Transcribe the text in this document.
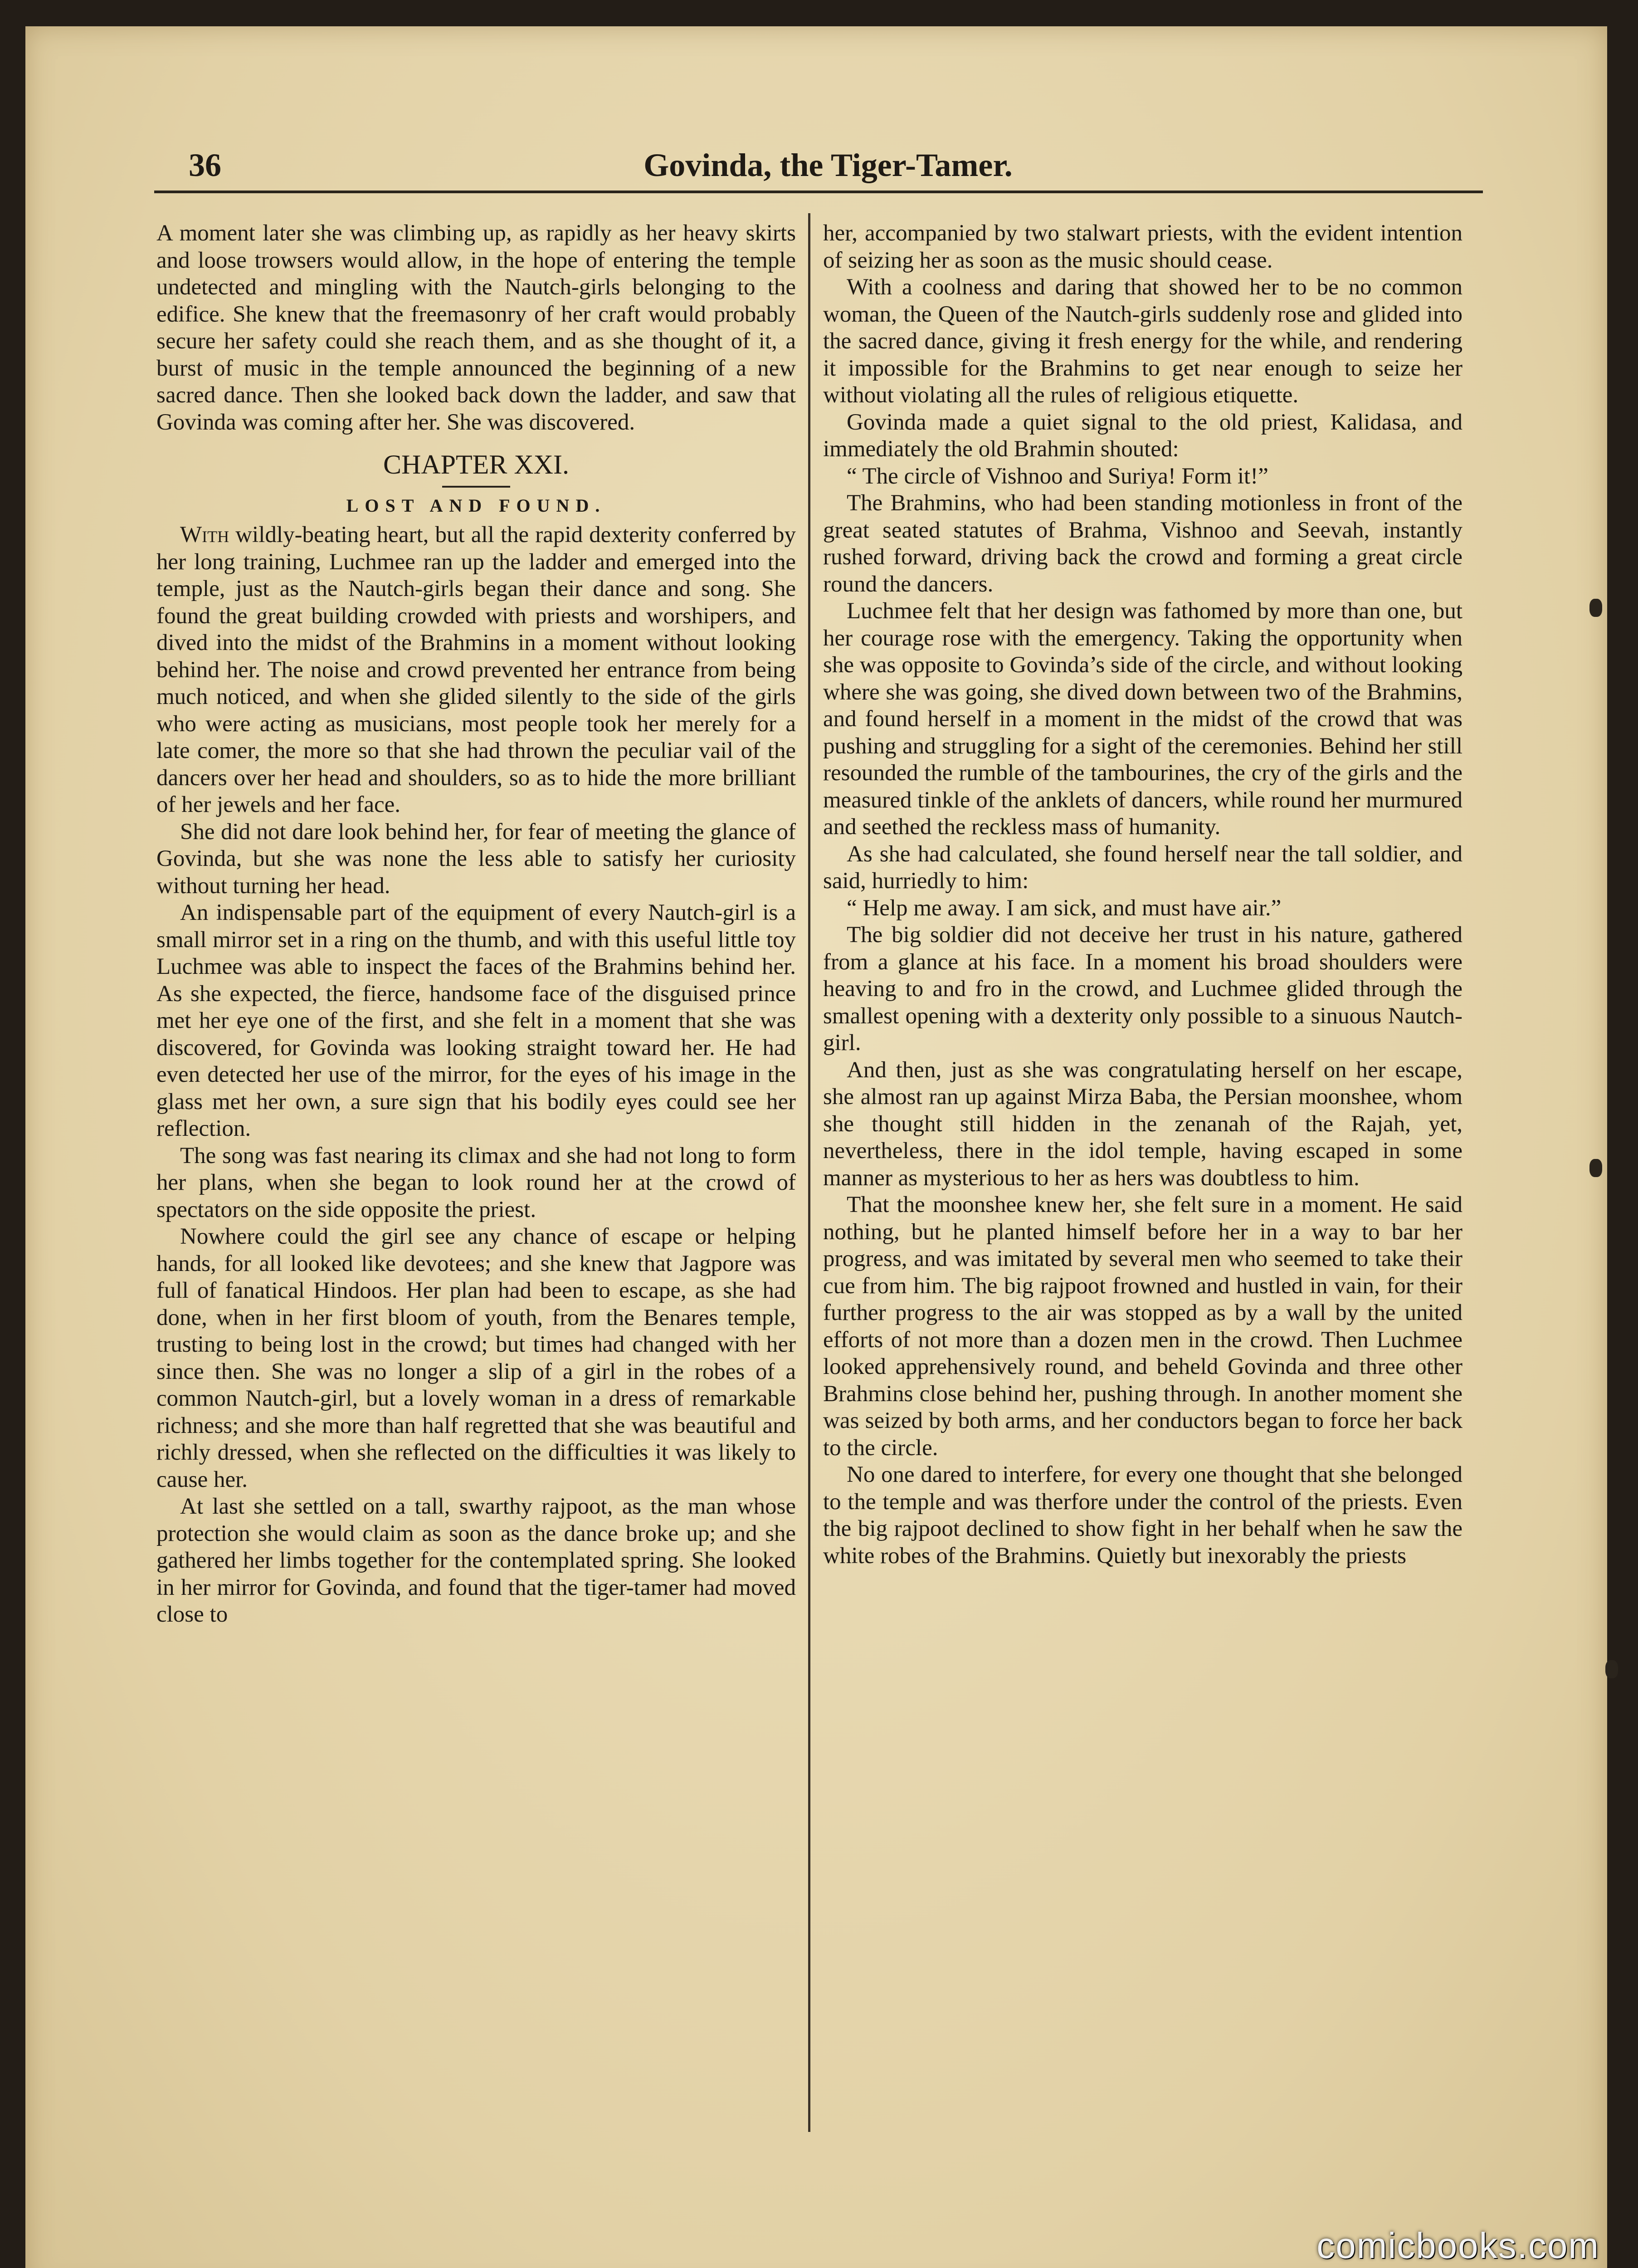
36	Govinda, the Tiger-Tamer.

A moment later she was climbing up, as rapidly as her heavy skirts and loose trowsers would allow, in the hope of entering the temple undetected and mingling with the Nautch-girls belonging to the edifice. She knew that the freemasonry of her craft would probably secure her safety could she reach them, and as she thought of it, a burst of music in the temple announced the beginning of a new sacred dance. Then she looked back down the ladder, and saw that Govinda was coming after her. She was discovered.

CHAPTER XXI.
LOST AND FOUND.

With wildly-beating heart, but all the rapid dexterity conferred by her long training, Luchmee ran up the ladder and emerged into the temple, just as the Nautch-girls began their dance and song. She found the great building crowded with priests and worshipers, and dived into the midst of the Brahmins in a moment without looking behind her. The noise and crowd prevented her entrance from being much noticed, and when she glided silently to the side of the girls who were acting as musicians, most people took her merely for a late comer, the more so that she had thrown the peculiar vail of the dancers over her head and shoulders, so as to hide the more brilliant of her jewels and her face.

She did not dare look behind her, for fear of meeting the glance of Govinda, but she was none the less able to satisfy her curiosity without turning her head.

An indispensable part of the equipment of every Nautch-girl is a small mirror set in a ring on the thumb, and with this useful little toy Luchmee was able to inspect the faces of the Brahmins behind her. As she expected, the fierce, handsome face of the disguised prince met her eye one of the first, and she felt in a moment that she was discovered, for Govinda was looking straight toward her. He had even detected her use of the mirror, for the eyes of his image in the glass met her own, a sure sign that his bodily eyes could see her reflection.

The song was fast nearing its climax and she had not long to form her plans, when she began to look round her at the crowd of spectators on the side opposite the priest.

Nowhere could the girl see any chance of escape or helping hands, for all looked like devotees; and she knew that Jagpore was full of fanatical Hindoos. Her plan had been to escape, as she had done, when in her first bloom of youth, from the Benares temple, trusting to being lost in the crowd; but times had changed with her since then. She was no longer a slip of a girl in the robes of a common Nautch-girl, but a lovely woman in a dress of remarkable richness; and she more than half regretted that she was beautiful and richly dressed, when she reflected on the difficulties it was likely to cause her.

At last she settled on a tall, swarthy rajpoot, as the man whose protection she would claim as soon as the dance broke up; and she gathered her limbs together for the contemplated spring. She looked in her mirror for Govinda, and found that the tiger-tamer had moved close to

her, accompanied by two stalwart priests, with the evident intention of seizing her as soon as the music should cease.

With a coolness and daring that showed her to be no common woman, the Queen of the Nautch-girls suddenly rose and glided into the sacred dance, giving it fresh energy for the while, and rendering it impossible for the Brahmins to get near enough to seize her without violating all the rules of religious etiquette.

Govinda made a quiet signal to the old priest, Kalidasa, and immediately the old Brahmin shouted:

“ The circle of Vishnoo and Suriya! Form it!”

The Brahmins, who had been standing motionless in front of the great seated statutes of Brahma, Vishnoo and Seevah, instantly rushed forward, driving back the crowd and forming a great circle round the dancers.

Luchmee felt that her design was fathomed by more than one, but her courage rose with the emergency. Taking the opportunity when she was opposite to Govinda’s side of the circle, and without looking where she was going, she dived down between two of the Brahmins, and found herself in a moment in the midst of the crowd that was pushing and struggling for a sight of the ceremonies. Behind her still resounded the rumble of the tambourines, the cry of the girls and the measured tinkle of the anklets of dancers, while round her murmured and seethed the reckless mass of humanity.

As she had calculated, she found herself near the tall soldier, and said, hurriedly to him:

“ Help me away. I am sick, and must have air.”

The big soldier did not deceive her trust in his nature, gathered from a glance at his face. In a moment his broad shoulders were heaving to and fro in the crowd, and Luchmee glided through the smallest opening with a dexterity only possible to a sinuous Nautch-girl.

And then, just as she was congratulating herself on her escape, she almost ran up against Mirza Baba, the Persian moonshee, whom she thought still hidden in the zenanah of the Rajah, yet, nevertheless, there in the idol temple, having escaped in some manner as mysterious to her as hers was doubtless to him.

That the moonshee knew her, she felt sure in a moment. He said nothing, but he planted himself before her in a way to bar her progress, and was imitated by several men who seemed to take their cue from him. The big rajpoot frowned and hustled in vain, for their further progress to the air was stopped as by a wall by the united efforts of not more than a dozen men in the crowd. Then Luchmee looked apprehensively round, and beheld Govinda and three other Brahmins close behind her, pushing through. In another moment she was seized by both arms, and her conductors began to force her back to the circle.

No one dared to interfere, for every one thought that she belonged to the temple and was therfore under the control of the priests. Even the big rajpoot declined to show fight in her behalf when he saw the white robes of the Brahmins. Quietly but inexorably the priests

comicbooks.com
